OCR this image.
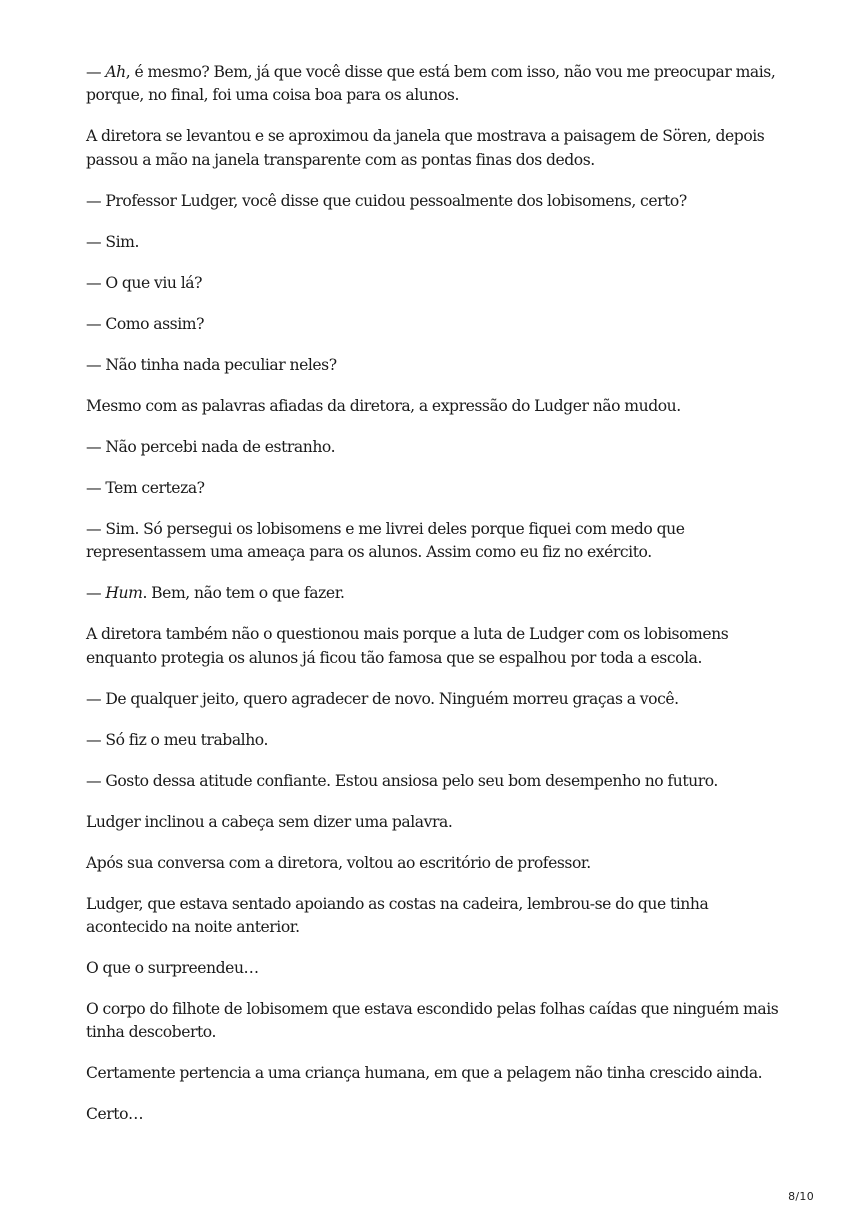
— Ah, é mesmo? Bem, já que você disse que está bem com isso, não vou me preocupar mais, porque, no final, foi uma coisa boa para os alunos.

A diretora se levantou e se aproximou da janela que mostrava a paisagem de Sören, depois passou a mão na janela transparente com as pontas finas dos dedos.

— Professor Ludger, você disse que cuidou pessoalmente dos lobisomens, certo?

— Sim.

— O que viu lá?

— Como assim?

— Não tinha nada peculiar neles?

Mesmo com as palavras afiadas da diretora, a expressão do Ludger não mudou.

— Não percebi nada de estranho.

— Tem certeza?

— Sim. Só persegui os lobisomens e me livrei deles porque fiquei com medo que representassem uma ameaça para os alunos. Assim como eu fiz no exército.

— Hum. Bem, não tem o que fazer.

A diretora também não o questionou mais porque a luta de Ludger com os lobisomens enquanto protegia os alunos já ficou tão famosa que se espalhou por toda a escola.

— De qualquer jeito, quero agradecer de novo. Ninguém morreu graças a você.

— Só fiz o meu trabalho.

— Gosto dessa atitude confiante. Estou ansiosa pelo seu bom desempenho no futuro.

Ludger inclinou a cabeça sem dizer uma palavra.

Após sua conversa com a diretora, voltou ao escritório de professor.

Ludger, que estava sentado apoiando as costas na cadeira, lembrou-se do que tinha acontecido na noite anterior.

O que o surpreendeu…

O corpo do filhote de lobisomem que estava escondido pelas folhas caídas que ninguém mais tinha descoberto.

Certamente pertencia a uma criança humana, em que a pelagem não tinha crescido ainda.

Certo…

8/10
